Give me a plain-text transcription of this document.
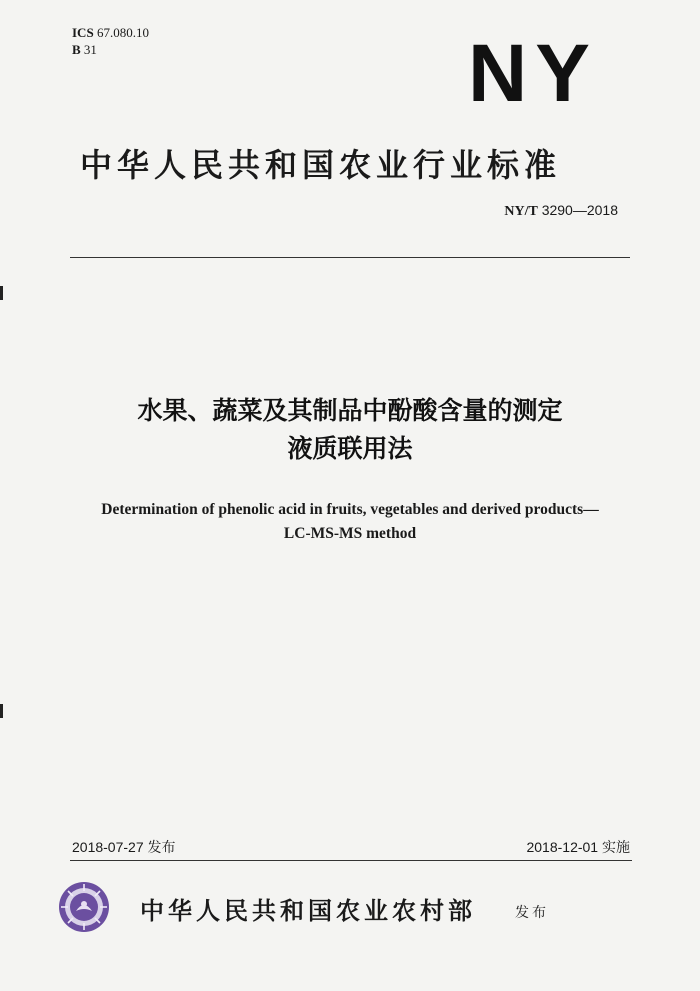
ICS 67.080.10
B 31	NY
中华人民共和国农业行业标准
NY/T 3290—2018
水果、蔬菜及其制品中酚酸含量的测定
液质联用法
Determination of phenolic acid in fruits, vegetables and derived products—
LC-MS-MS method
2018-07-27 发布	2018-12-01 实施
中华人民共和国农业农村部	发布
